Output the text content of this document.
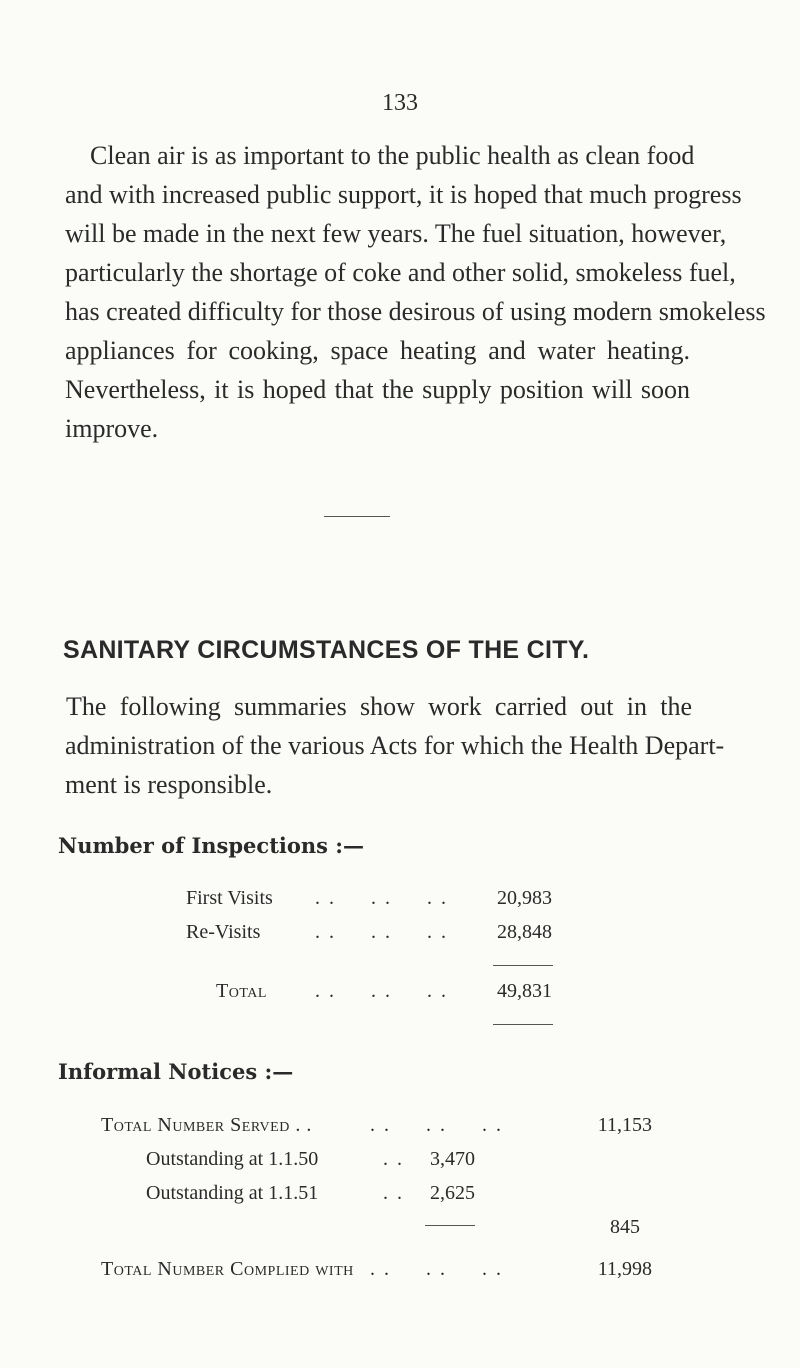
133
Clean air is as important to the public health as clean food
and with increased public support, it is hoped that much progress
will be made in the next few years. The fuel situation, however,
particularly the shortage of coke and other solid, smokeless fuel,
has created difficulty for those desirous of using modern smokeless
appliances for cooking, space heating and water heating.
Nevertheless, it is hoped that the supply position will soon
improve.
SANITARY CIRCUMSTANCES OF THE CITY.
The following summaries show work carried out in the
administration of the various Acts for which the Health Depart-
ment is responsible.
Number of Inspections :—
First Visits . .     . .     . .	20,983
Re-Visits	. .     . .     . .	28,848
Total . .     . .     . .	49,831
Informal Notices :—
Total Number Served . .	. .     . .     . .	11,153
Outstanding at 1.1.50	. .	3,470
Outstanding at 1.1.51	. .	2,625
845
Total Number Complied with . .     . .     . .	11,998
